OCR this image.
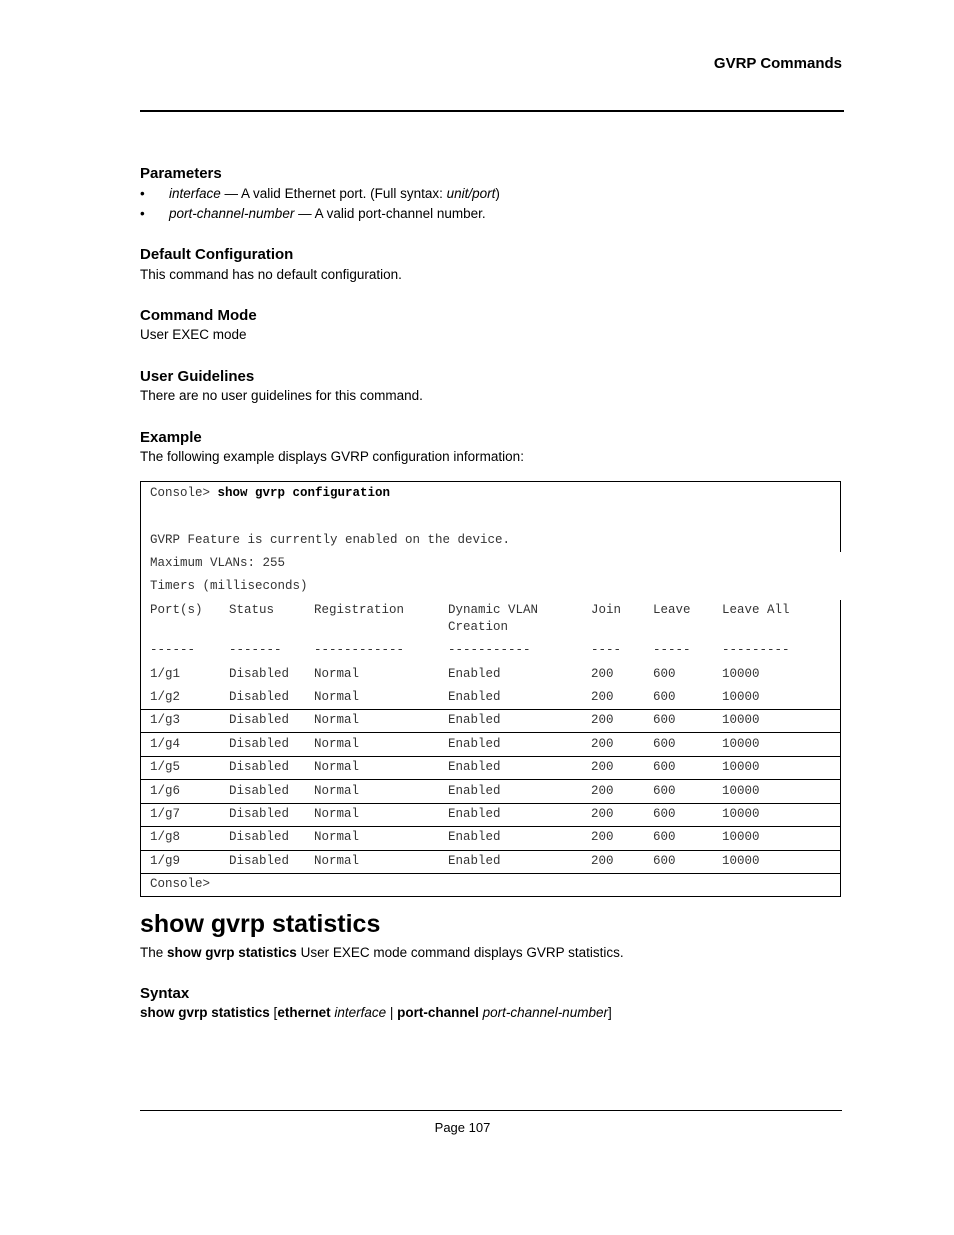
GVRP Commands
Parameters
• interface — A valid Ethernet port. (Full syntax: unit/port)
• port-channel-number — A valid port-channel number.
Default Configuration
This command has no default configuration.
Command Mode
User EXEC mode
User Guidelines
There are no user guidelines for this command.
Example
The following example displays GVRP configuration information:
Console> show gvrp configuration
GVRP Feature is currently enabled on the device.
Maximum VLANs: 255
Timers (milliseconds)
Port(s) Status	Registration	Dynamic VLAN	Join	Leave	Leave All
Creation
------	-------	------------	-----------	----	-----	---------
1/g1	Disabled Normal	Enabled	200	600	10000
1/g2	Disabled Normal	Enabled	200	600	10000
1/g3	Disabled Normal	Enabled	200	600	10000
1/g4	Disabled Normal	Enabled	200	600	10000
1/g5	Disabled Normal	Enabled	200	600	10000
1/g6	Disabled Normal	Enabled	200	600	10000
1/g7	Disabled Normal	Enabled	200	600	10000
1/g8	Disabled Normal	Enabled	200	600	10000
1/g9	Disabled Normal	Enabled	200	600	10000
Console>
show gvrp statistics
The show gvrp statistics User EXEC mode command displays GVRP statistics.
Syntax
show gvrp statistics [ethernet interface | port-channel port-channel-number]
Page 107
